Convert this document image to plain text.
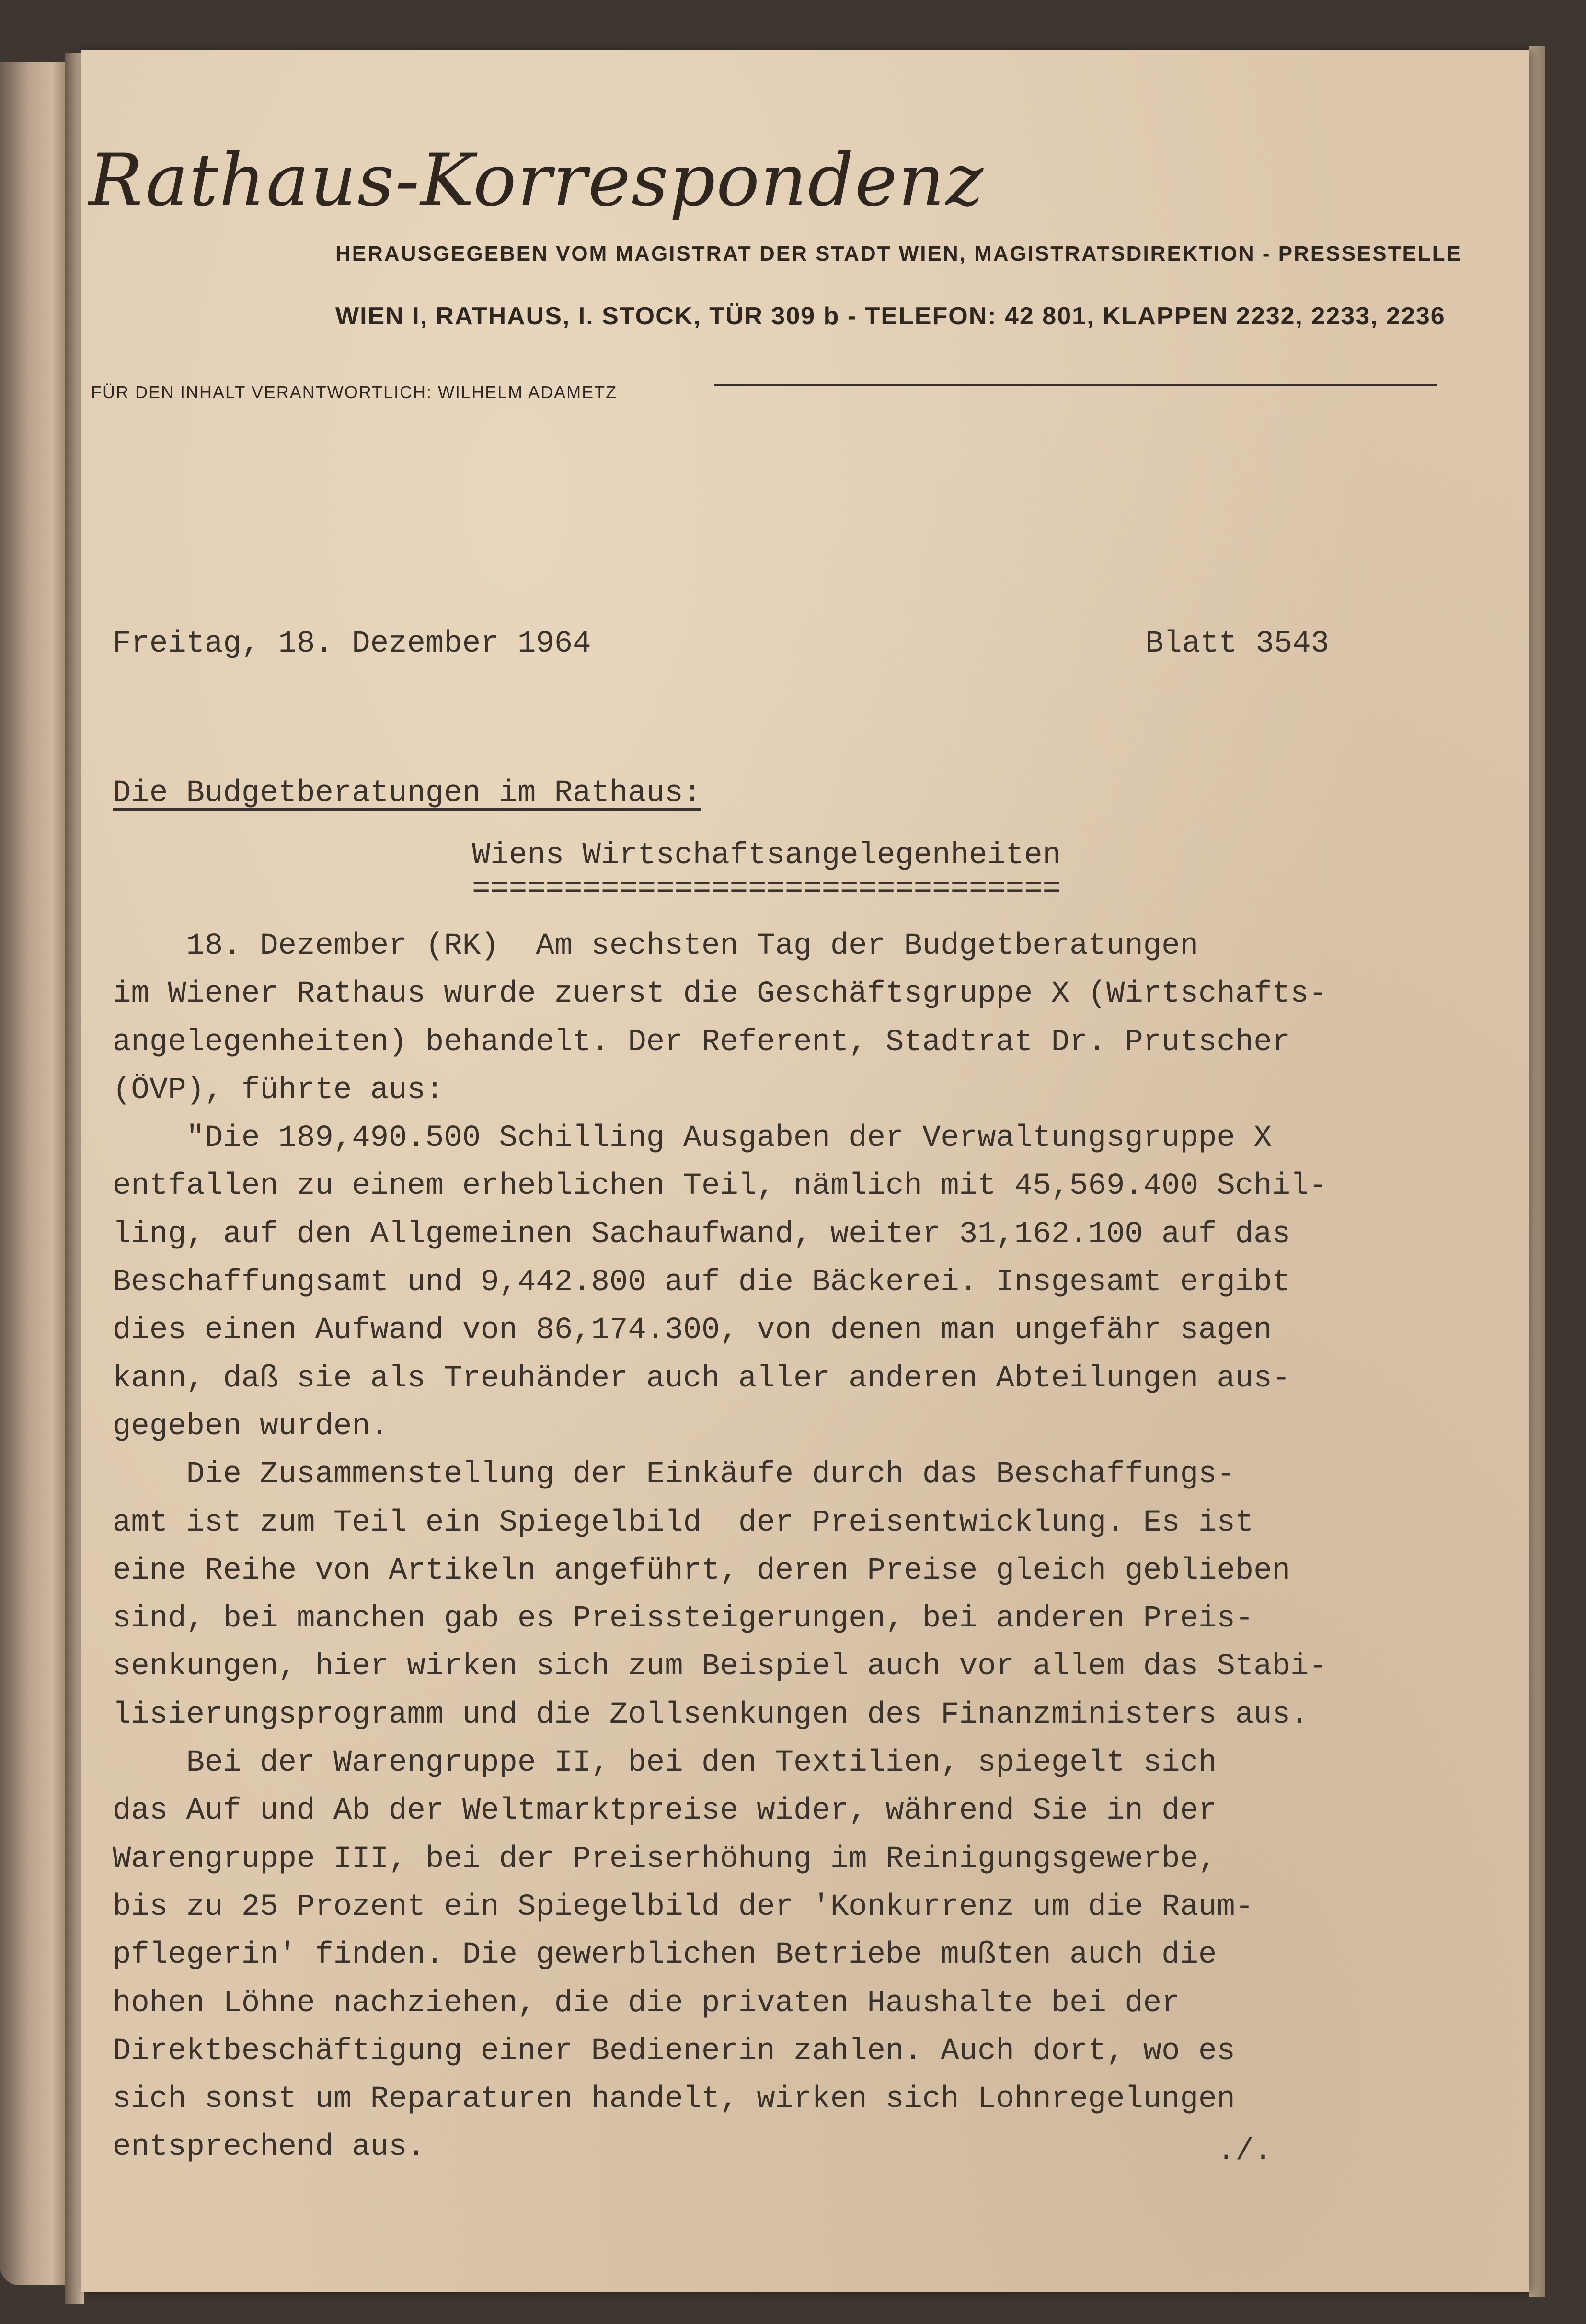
Rathaus-Korrespondenz
HERAUSGEGEBEN VOM MAGISTRAT DER STADT WIEN, MAGISTRATSDIREKTION - PRESSESTELLE
WIEN I, RATHAUS, I. STOCK, TÜR 309 b - TELEFON: 42 801, KLAPPEN 2232, 2233, 2236
FÜR DEN INHALT VERANTWORTLICH: WILHELM ADAMETZ
Freitag, 18. Dezember 1964	Blatt 3543
Die Budgetberatungen im Rathaus:
Wiens Wirtschaftsangelegenheiten
================================
18. Dezember (RK)  Am sechsten Tag der Budgetberatungen
im Wiener Rathaus wurde zuerst die Geschäftsgruppe X (Wirtschafts-
angelegenheiten) behandelt. Der Referent, Stadtrat Dr. Prutscher
(ÖVP), führte aus:
"Die 189,490.500 Schilling Ausgaben der Verwaltungsgruppe X
entfallen zu einem erheblichen Teil, nämlich mit 45,569.400 Schil-
ling, auf den Allgemeinen Sachaufwand, weiter 31,162.100 auf das
Beschaffungsamt und 9,442.800 auf die Bäckerei. Insgesamt ergibt
dies einen Aufwand von 86,174.300, von denen man ungefähr sagen
kann, daß sie als Treuhänder auch aller anderen Abteilungen aus-
gegeben wurden.
Die Zusammenstellung der Einkäufe durch das Beschaffungs-
amt ist zum Teil ein Spiegelbild  der Preisentwicklung. Es ist
eine Reihe von Artikeln angeführt, deren Preise gleich geblieben
sind, bei manchen gab es Preissteigerungen, bei anderen Preis-
senkungen, hier wirken sich zum Beispiel auch vor allem das Stabi-
lisierungsprogramm und die Zollsenkungen des Finanzministers aus.
Bei der Warengruppe II, bei den Textilien, spiegelt sich
das Auf und Ab der Weltmarktpreise wider, während Sie in der
Warengruppe III, bei der Preiserhöhung im Reinigungsgewerbe,
bis zu 25 Prozent ein Spiegelbild der 'Konkurrenz um die Raum-
pflegerin' finden. Die gewerblichen Betriebe mußten auch die
hohen Löhne nachziehen, die die privaten Haushalte bei der
Direktbeschäftigung einer Bedienerin zahlen. Auch dort, wo es
sich sonst um Reparaturen handelt, wirken sich Lohnregelungen
entsprechend aus.	./.
